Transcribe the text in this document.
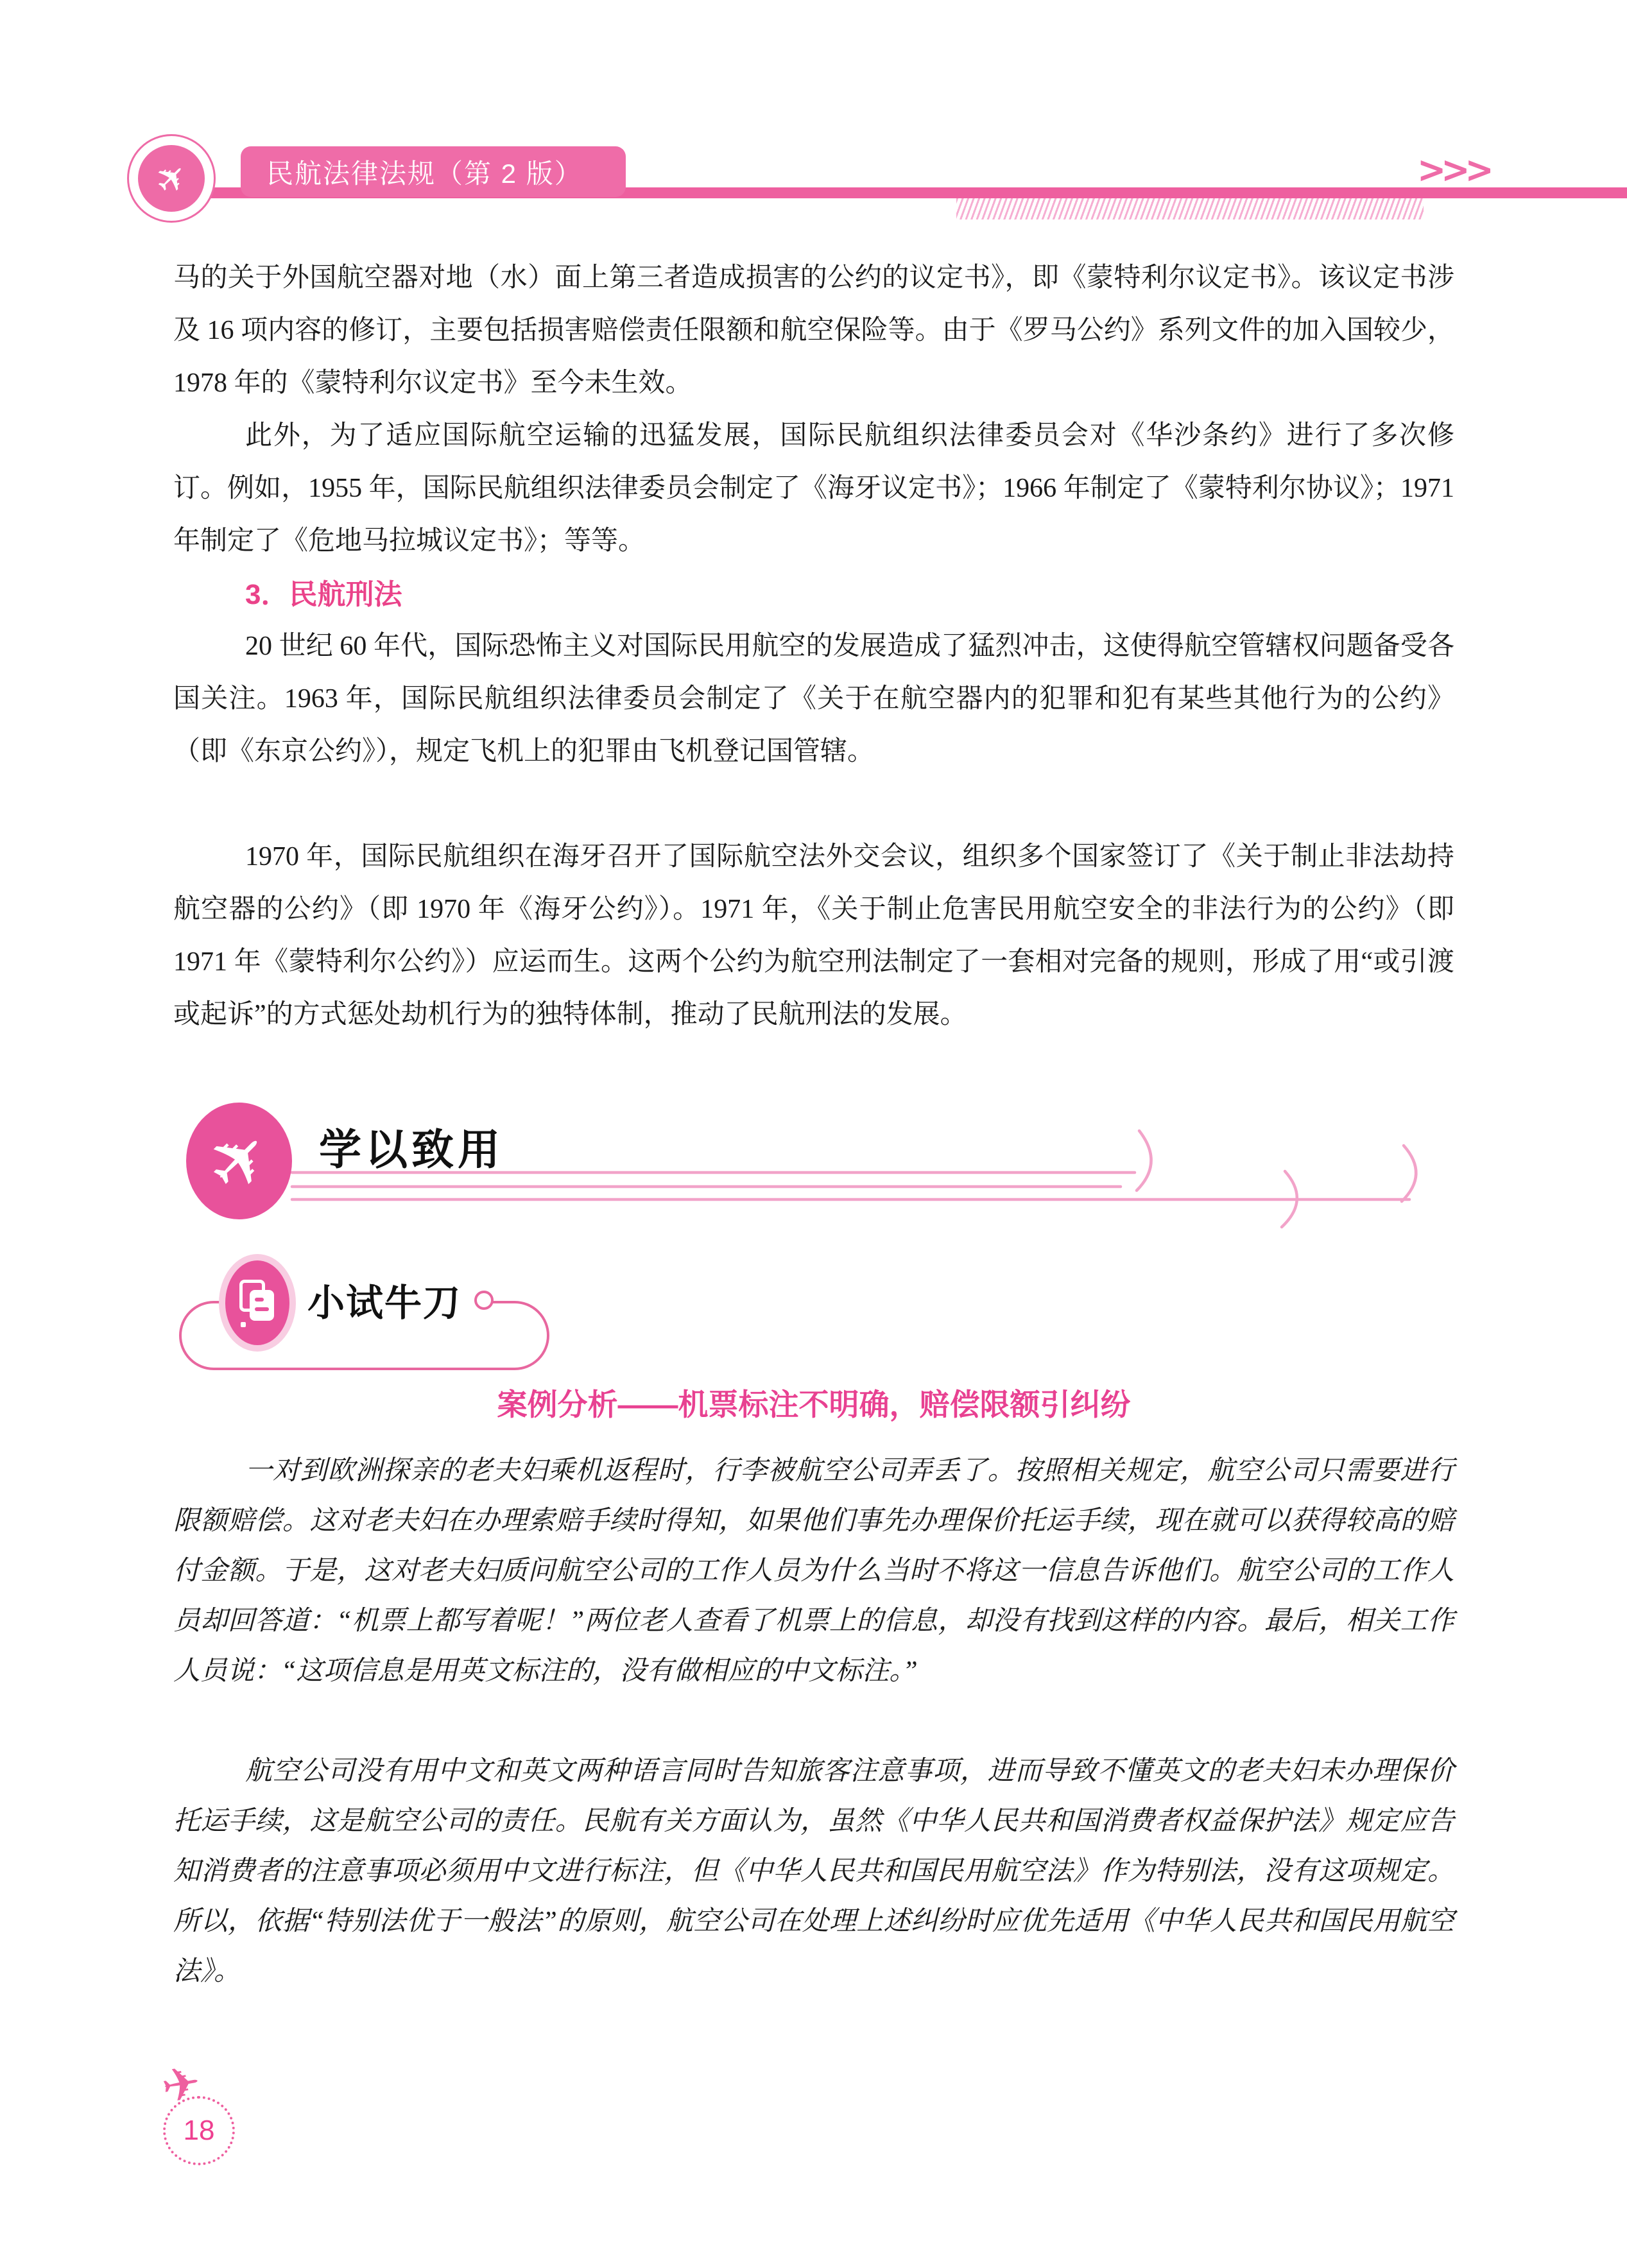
✈	民航法律法规（第 2 版）	>>>

马的关于外国航空器对地（水）面上第三者造成损害的公约的议定书》，即《蒙特利尔议定书》。该议定书涉及 16 项内容的修订，主要包括损害赔偿责任限额和航空保险等。由于《罗马公约》系列文件的加入国较少，1978 年的《蒙特利尔议定书》至今未生效。

此外，为了适应国际航空运输的迅猛发展，国际民航组织法律委员会对《华沙条约》进行了多次修订。例如，1955 年，国际民航组织法律委员会制定了《海牙议定书》；1966 年制定了《蒙特利尔协议》；1971 年制定了《危地马拉城议定书》；等等。

3．民航刑法

20 世纪 60 年代，国际恐怖主义对国际民用航空的发展造成了猛烈冲击，这使得航空管辖权问题备受各国关注。1963 年，国际民航组织法律委员会制定了《关于在航空器内的犯罪和犯有某些其他行为的公约》（即《东京公约》），规定飞机上的犯罪由飞机登记国管辖。

1970 年，国际民航组织在海牙召开了国际航空法外交会议，组织多个国家签订了《关于制止非法劫持航空器的公约》（即 1970 年《海牙公约》）。1971 年，《关于制止危害民用航空安全的非法行为的公约》（即 1971 年《蒙特利尔公约》）应运而生。这两个公约为航空刑法制定了一套相对完备的规则，形成了用“或引渡或起诉”的方式惩处劫机行为的独特体制，推动了民航刑法的发展。

✈ 学以致用
小试牛刀
案例分析——机票标注不明确，赔偿限额引纠纷

一对到欧洲探亲的老夫妇乘机返程时，行李被航空公司弄丢了。按照相关规定，航空公司只需要进行限额赔偿。这对老夫妇在办理索赔手续时得知，如果他们事先办理保价托运手续，现在就可以获得较高的赔付金额。于是，这对老夫妇质问航空公司的工作人员为什么当时不将这一信息告诉他们。航空公司的工作人员却回答道：“机票上都写着呢！”两位老人查看了机票上的信息，却没有找到这样的内容。最后，相关工作人员说：“这项信息是用英文标注的，没有做相应的中文标注。”

航空公司没有用中文和英文两种语言同时告知旅客注意事项，进而导致不懂英文的老夫妇未办理保价托运手续，这是航空公司的责任。民航有关方面认为，虽然《中华人民共和国消费者权益保护法》规定应告知消费者的注意事项必须用中文进行标注，但《中华人民共和国民用航空法》作为特别法，没有这项规定。所以，依据“特别法优于一般法”的原则，航空公司在处理上述纠纷时应优先适用《中华人民共和国民用航空法》。

✈
18
